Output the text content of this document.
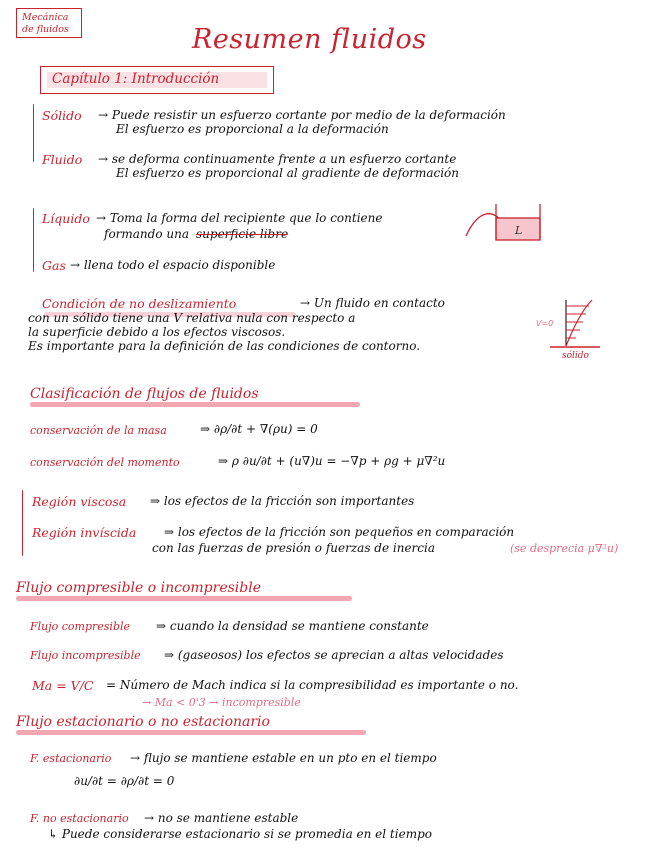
Mecánica
de fluidos	Resumen fluidos
Capítulo 1: Introducción
Sólido → Puede resistir un esfuerzo cortante por medio de la deformación
El esfuerzo es proporcional a la deformación
Fluido → se deforma continuamente frente a un esfuerzo cortante
El esfuerzo es proporcional al gradiente de deformación
Líquido → Toma la forma del recipiente que lo contiene
formando una superficie libre	L
Gas → llena todo el espacio disponible
Condición de no deslizamiento	→ Un fluido en contacto
con un sólido tiene una V relativa nula con respecto a
la superficie debido a los efectos viscosos.
Es importante para la definición de las condiciones de contorno.
V=0
sólido
Clasificación de flujos de fluidos
conservación de la masa	⇒ ∂ρ/∂t + ∇(ρu) = 0
conservación del momento	⇒ ρ ∂u/∂t + (u∇)u = −∇p + ρg + μ∇²u
Región viscosa ⇒ los efectos de la fricción son importantes
Región invíscida ⇒ los efectos de la fricción son pequeños en comparación
con las fuerzas de presión o fuerzas de inercia	(se desprecia μ∇²u)
Flujo compresible o incompresible
Flujo compresible ⇒ cuando la densidad se mantiene constante
Flujo incompresible ⇒ (gaseosos) los efectos se aprecian a altas velocidades
Ma = V/C = Número de Mach indica si la compresibilidad es importante o no.
→ Ma < 0'3 → incompresible
Flujo estacionario o no estacionario
F. estacionario → flujo se mantiene estable en un pto en el tiempo
∂u/∂t = ∂ρ/∂t = 0
F. no estacionario → no se mantiene estable
↳ Puede considerarse estacionario si se promedia en el tiempo
